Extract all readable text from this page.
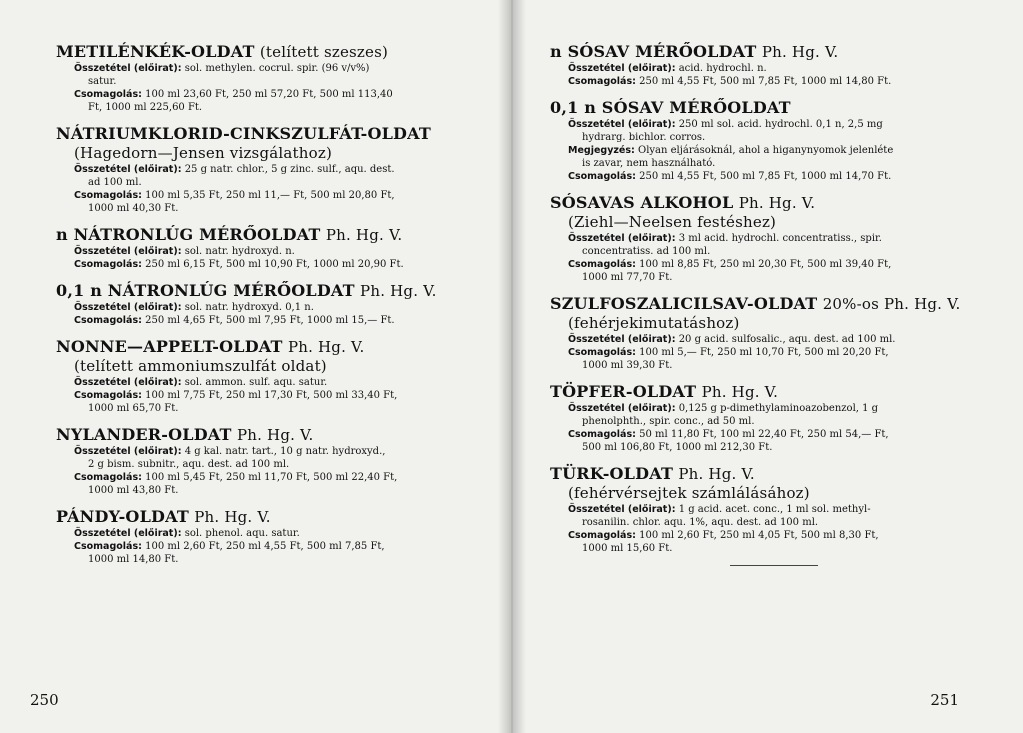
METILÉNKÉK-OLDAT (telített szeszes)
Összetétel (előirat): sol. methylen. cocrul. spir. (96 v/v%)
satur.
Csomagolás: 100 ml 23,60 Ft, 250 ml 57,20 Ft, 500 ml 113,40
Ft, 1000 ml 225,60 Ft.
NÁTRIUMKLORID-CINKSZULFÁT-OLDAT
(Hagedorn—Jensen vizsgálathoz)
Összetétel (előirat): 25 g natr. chlor., 5 g zinc. sulf., aqu. dest.
ad 100 ml.
Csomagolás: 100 ml 5,35 Ft, 250 ml 11,— Ft, 500 ml 20,80 Ft,
1000 ml 40,30 Ft.
n NÁTRONLÚG MÉRŐOLDAT Ph. Hg. V.
Összetétel (előirat): sol. natr. hydroxyd. n.
Csomagolás: 250 ml 6,15 Ft, 500 ml 10,90 Ft, 1000 ml 20,90 Ft.
0,1 n NÁTRONLÚG MÉRŐOLDAT Ph. Hg. V.
Összetétel (előirat): sol. natr. hydroxyd. 0,1 n.
Csomagolás: 250 ml 4,65 Ft, 500 ml 7,95 Ft, 1000 ml 15,— Ft.
NONNE—APPELT-OLDAT Ph. Hg. V.
(telített ammoniumszulfát oldat)
Összetétel (előirat): sol. ammon. sulf. aqu. satur.
Csomagolás: 100 ml 7,75 Ft, 250 ml 17,30 Ft, 500 ml 33,40 Ft,
1000 ml 65,70 Ft.
NYLANDER-OLDAT Ph. Hg. V.
Összetétel (előirat): 4 g kal. natr. tart., 10 g natr. hydroxyd.,
2 g bism. subnitr., aqu. dest. ad 100 ml.
Csomagolás: 100 ml 5,45 Ft, 250 ml 11,70 Ft, 500 ml 22,40 Ft,
1000 ml 43,80 Ft.
PÁNDY-OLDAT Ph. Hg. V.
Összetétel (előirat): sol. phenol. aqu. satur.
Csomagolás: 100 ml 2,60 Ft, 250 ml 4,55 Ft, 500 ml 7,85 Ft,
1000 ml 14,80 Ft.
250
n SÓSAV MÉRŐOLDAT Ph. Hg. V.
Összetétel (előirat): acid. hydrochl. n.
Csomagolás: 250 ml 4,55 Ft, 500 ml 7,85 Ft, 1000 ml 14,80 Ft.
0,1 n SÓSAV MÉRŐOLDAT
Összetétel (előirat): 250 ml sol. acid. hydrochl. 0,1 n, 2,5 mg
hydrarg. bichlor. corros.
Megjegyzés: Olyan eljárásoknál, ahol a higanynyomok jelenléte
is zavar, nem használható.
Csomagolás: 250 ml 4,55 Ft, 500 ml 7,85 Ft, 1000 ml 14,70 Ft.
SÓSAVAS ALKOHOL Ph. Hg. V.
(Ziehl—Neelsen festéshez)
Összetétel (előirat): 3 ml acid. hydrochl. concentratiss., spir.
concentratiss. ad 100 ml.
Csomagolás: 100 ml 8,85 Ft, 250 ml 20,30 Ft, 500 ml 39,40 Ft,
1000 ml 77,70 Ft.
SZULFOSZALICILSAV-OLDAT 20%-os Ph. Hg. V.
(fehérjekimutatáshoz)
Összetétel (előirat): 20 g acid. sulfosalic., aqu. dest. ad 100 ml.
Csomagolás: 100 ml 5,— Ft, 250 ml 10,70 Ft, 500 ml 20,20 Ft,
1000 ml 39,30 Ft.
TÖPFER-OLDAT Ph. Hg. V.
Összetétel (előirat): 0,125 g p-dimethylaminoazobenzol, 1 g
phenolphth., spir. conc., ad 50 ml.
Csomagolás: 50 ml 11,80 Ft, 100 ml 22,40 Ft, 250 ml 54,— Ft,
500 ml 106,80 Ft, 1000 ml 212,30 Ft.
TÜRK-OLDAT Ph. Hg. V.
(fehérvérsejtek számlálásához)
Összetétel (előirat): 1 g acid. acet. conc., 1 ml sol. methyl-
rosanilin. chlor. aqu. 1%, aqu. dest. ad 100 ml.
Csomagolás: 100 ml 2,60 Ft, 250 ml 4,05 Ft, 500 ml 8,30 Ft,
1000 ml 15,60 Ft.
251
